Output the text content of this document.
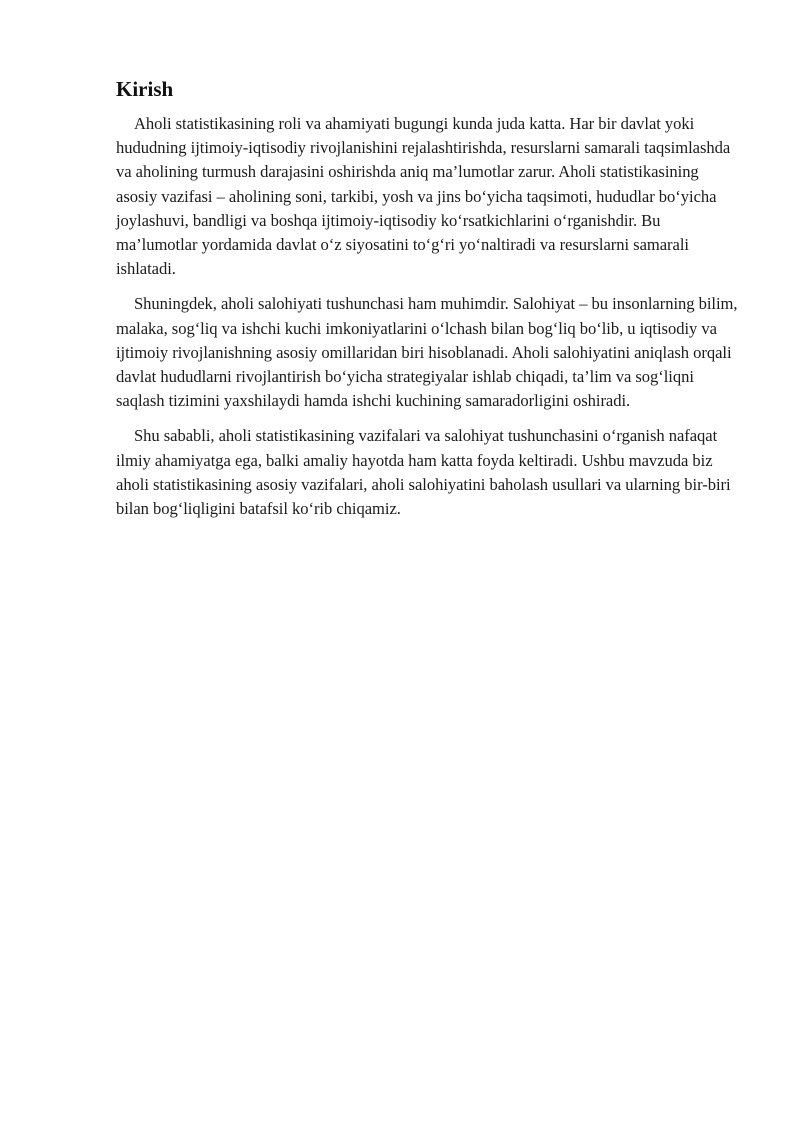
Kirish

Aholi statistikasining roli va ahamiyati bugungi kunda juda katta. Har bir davlat yoki hududning ijtimoiy-iqtisodiy rivojlanishini rejalashtirishda, resurslarni samarali taqsimlashda va aholining turmush darajasini oshirishda aniq ma’lumotlar zarur. Aholi statistikasining asosiy vazifasi – aholining soni, tarkibi, yosh va jins bo‘yicha taqsimoti, hududlar bo‘yicha joylashuvi, bandligi va boshqa ijtimoiy-iqtisodiy ko‘rsatkichlarini o‘rganishdir. Bu ma’lumotlar yordamida davlat o‘z siyosatini to‘g‘ri yo‘naltiradi va resurslarni samarali ishlatadi.

Shuningdek, aholi salohiyati tushunchasi ham muhimdir. Salohiyat – bu insonlarning bilim, malaka, sog‘liq va ishchi kuchi imkoniyatlarini o‘lchash bilan bog‘liq bo‘lib, u iqtisodiy va ijtimoiy rivojlanishning asosiy omillaridan biri hisoblanadi. Aholi salohiyatini aniqlash orqali davlat hududlarni rivojlantirish bo‘yicha strategiyalar ishlab chiqadi, ta’lim va sog‘liqni saqlash tizimini yaxshilaydi hamda ishchi kuchining samaradorligini oshiradi.

Shu sababli, aholi statistikasining vazifalari va salohiyat tushunchasini o‘rganish nafaqat ilmiy ahamiyatga ega, balki amaliy hayotda ham katta foyda keltiradi. Ushbu mavzuda biz aholi statistikasining asosiy vazifalari, aholi salohiyatini baholash usullari va ularning bir-biri bilan bog‘liqligini batafsil ko‘rib chiqamiz.
